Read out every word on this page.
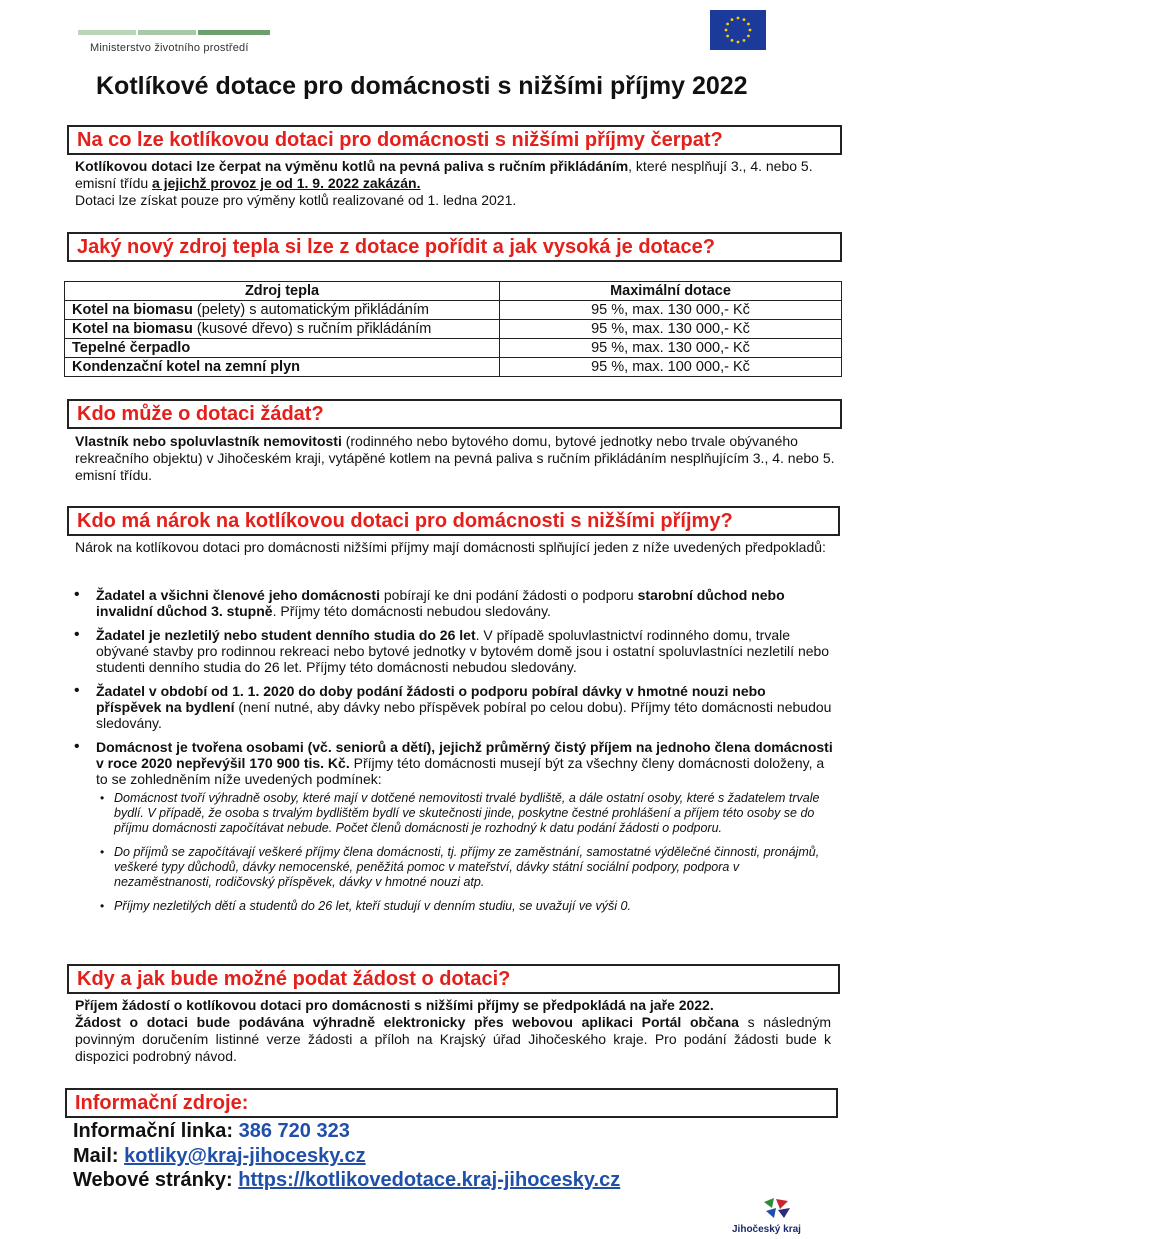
Ministerstvo životního prostředí
Kotlíkové dotace pro domácnosti s nižšími příjmy 2022
Na co lze kotlíkovou dotaci pro domácnosti s nižšími příjmy čerpat?
Kotlíkovou dotaci lze čerpat na výměnu kotlů na pevná paliva s ručním přikládáním, které nesplňují 3., 4. nebo 5. emisní třídu a jejichž provoz je od 1. 9. 2022 zakázán.
Dotaci lze získat pouze pro výměny kotlů realizované od 1. ledna 2021.
Jaký nový zdroj tepla si lze z dotace pořídit a jak vysoká je dotace?
Zdroj tepla	Maximální dotace
Kotel na biomasu (pelety) s automatickým přikládáním	95 %, max. 130 000,- Kč
Kotel na biomasu (kusové dřevo) s ručním přikládáním	95 %, max. 130 000,- Kč
Tepelné čerpadlo	95 %, max. 130 000,- Kč
Kondenzační kotel na zemní plyn	95 %, max. 100 000,- Kč
Kdo může o dotaci žádat?
Vlastník nebo spoluvlastník nemovitosti (rodinného nebo bytového domu, bytové jednotky nebo trvale obývaného rekreačního objektu) v Jihočeském kraji, vytápěné kotlem na pevná paliva s ručním přikládáním nesplňujícím 3., 4. nebo 5. emisní třídu.
Kdo má nárok na kotlíkovou dotaci pro domácnosti s nižšími příjmy?
Nárok na kotlíkovou dotaci pro domácnosti nižšími příjmy mají domácnosti splňující jeden z níže uvedených předpokladů:
• Žadatel a všichni členové jeho domácnosti pobírají ke dni podání žádosti o podporu starobní důchod nebo invalidní důchod 3. stupně. Příjmy této domácnosti nebudou sledovány.
• Žadatel je nezletilý nebo student denního studia do 26 let. V případě spoluvlastnictví rodinného domu, trvale obývané stavby pro rodinnou rekreaci nebo bytové jednotky v bytovém domě jsou i ostatní spoluvlastníci nezletilí nebo studenti denního studia do 26 let. Příjmy této domácnosti nebudou sledovány.
• Žadatel v období od 1. 1. 2020 do doby podání žádosti o podporu pobíral dávky v hmotné nouzi nebo příspěvek na bydlení (není nutné, aby dávky nebo příspěvek pobíral po celou dobu). Příjmy této domácnosti nebudou sledovány.
• Domácnost je tvořena osobami (vč. seniorů a dětí), jejichž průměrný čistý příjem na jednoho člena domácnosti v roce 2020 nepřevýšil 170 900 tis. Kč. Příjmy této domácnosti musejí být za všechny členy domácnosti doloženy, a to se zohledněním níže uvedených podmínek:
• Domácnost tvoří výhradně osoby, které mají v dotčené nemovitosti trvalé bydliště, a dále ostatní osoby, které s žadatelem trvale bydlí. V případě, že osoba s trvalým bydlištěm bydlí ve skutečnosti jinde, poskytne čestné prohlášení a příjem této osoby se do příjmu domácnosti započítávat nebude. Počet členů domácnosti je rozhodný k datu podání žádosti o podporu.
• Do příjmů se započítávají veškeré příjmy člena domácnosti, tj. příjmy ze zaměstnání, samostatné výdělečné činnosti, pronájmů, veškeré typy důchodů, dávky nemocenské, peněžitá pomoc v mateřství, dávky státní sociální podpory, podpora v nezaměstnanosti, rodičovský příspěvek, dávky v hmotné nouzi atp.
• Příjmy nezletilých dětí a studentů do 26 let, kteří studují v denním studiu, se uvažují ve výši 0.
Kdy a jak bude možné podat žádost o dotaci?
Příjem žádostí o kotlíkovou dotaci pro domácnosti s nižšími příjmy se předpokládá na jaře 2022.
Žádost o dotaci bude podávána výhradně elektronicky přes webovou aplikaci Portál občana s následným povinným doručením listinné verze žádosti a příloh na Krajský úřad Jihočeského kraje. Pro podání žádosti bude k dispozici podrobný návod.
Informační zdroje:
Informační linka: 386 720 323
Mail: kotliky@kraj-jihocesky.cz
Webové stránky: https://kotlikovedotace.kraj-jihocesky.cz
Jihočeský kraj
